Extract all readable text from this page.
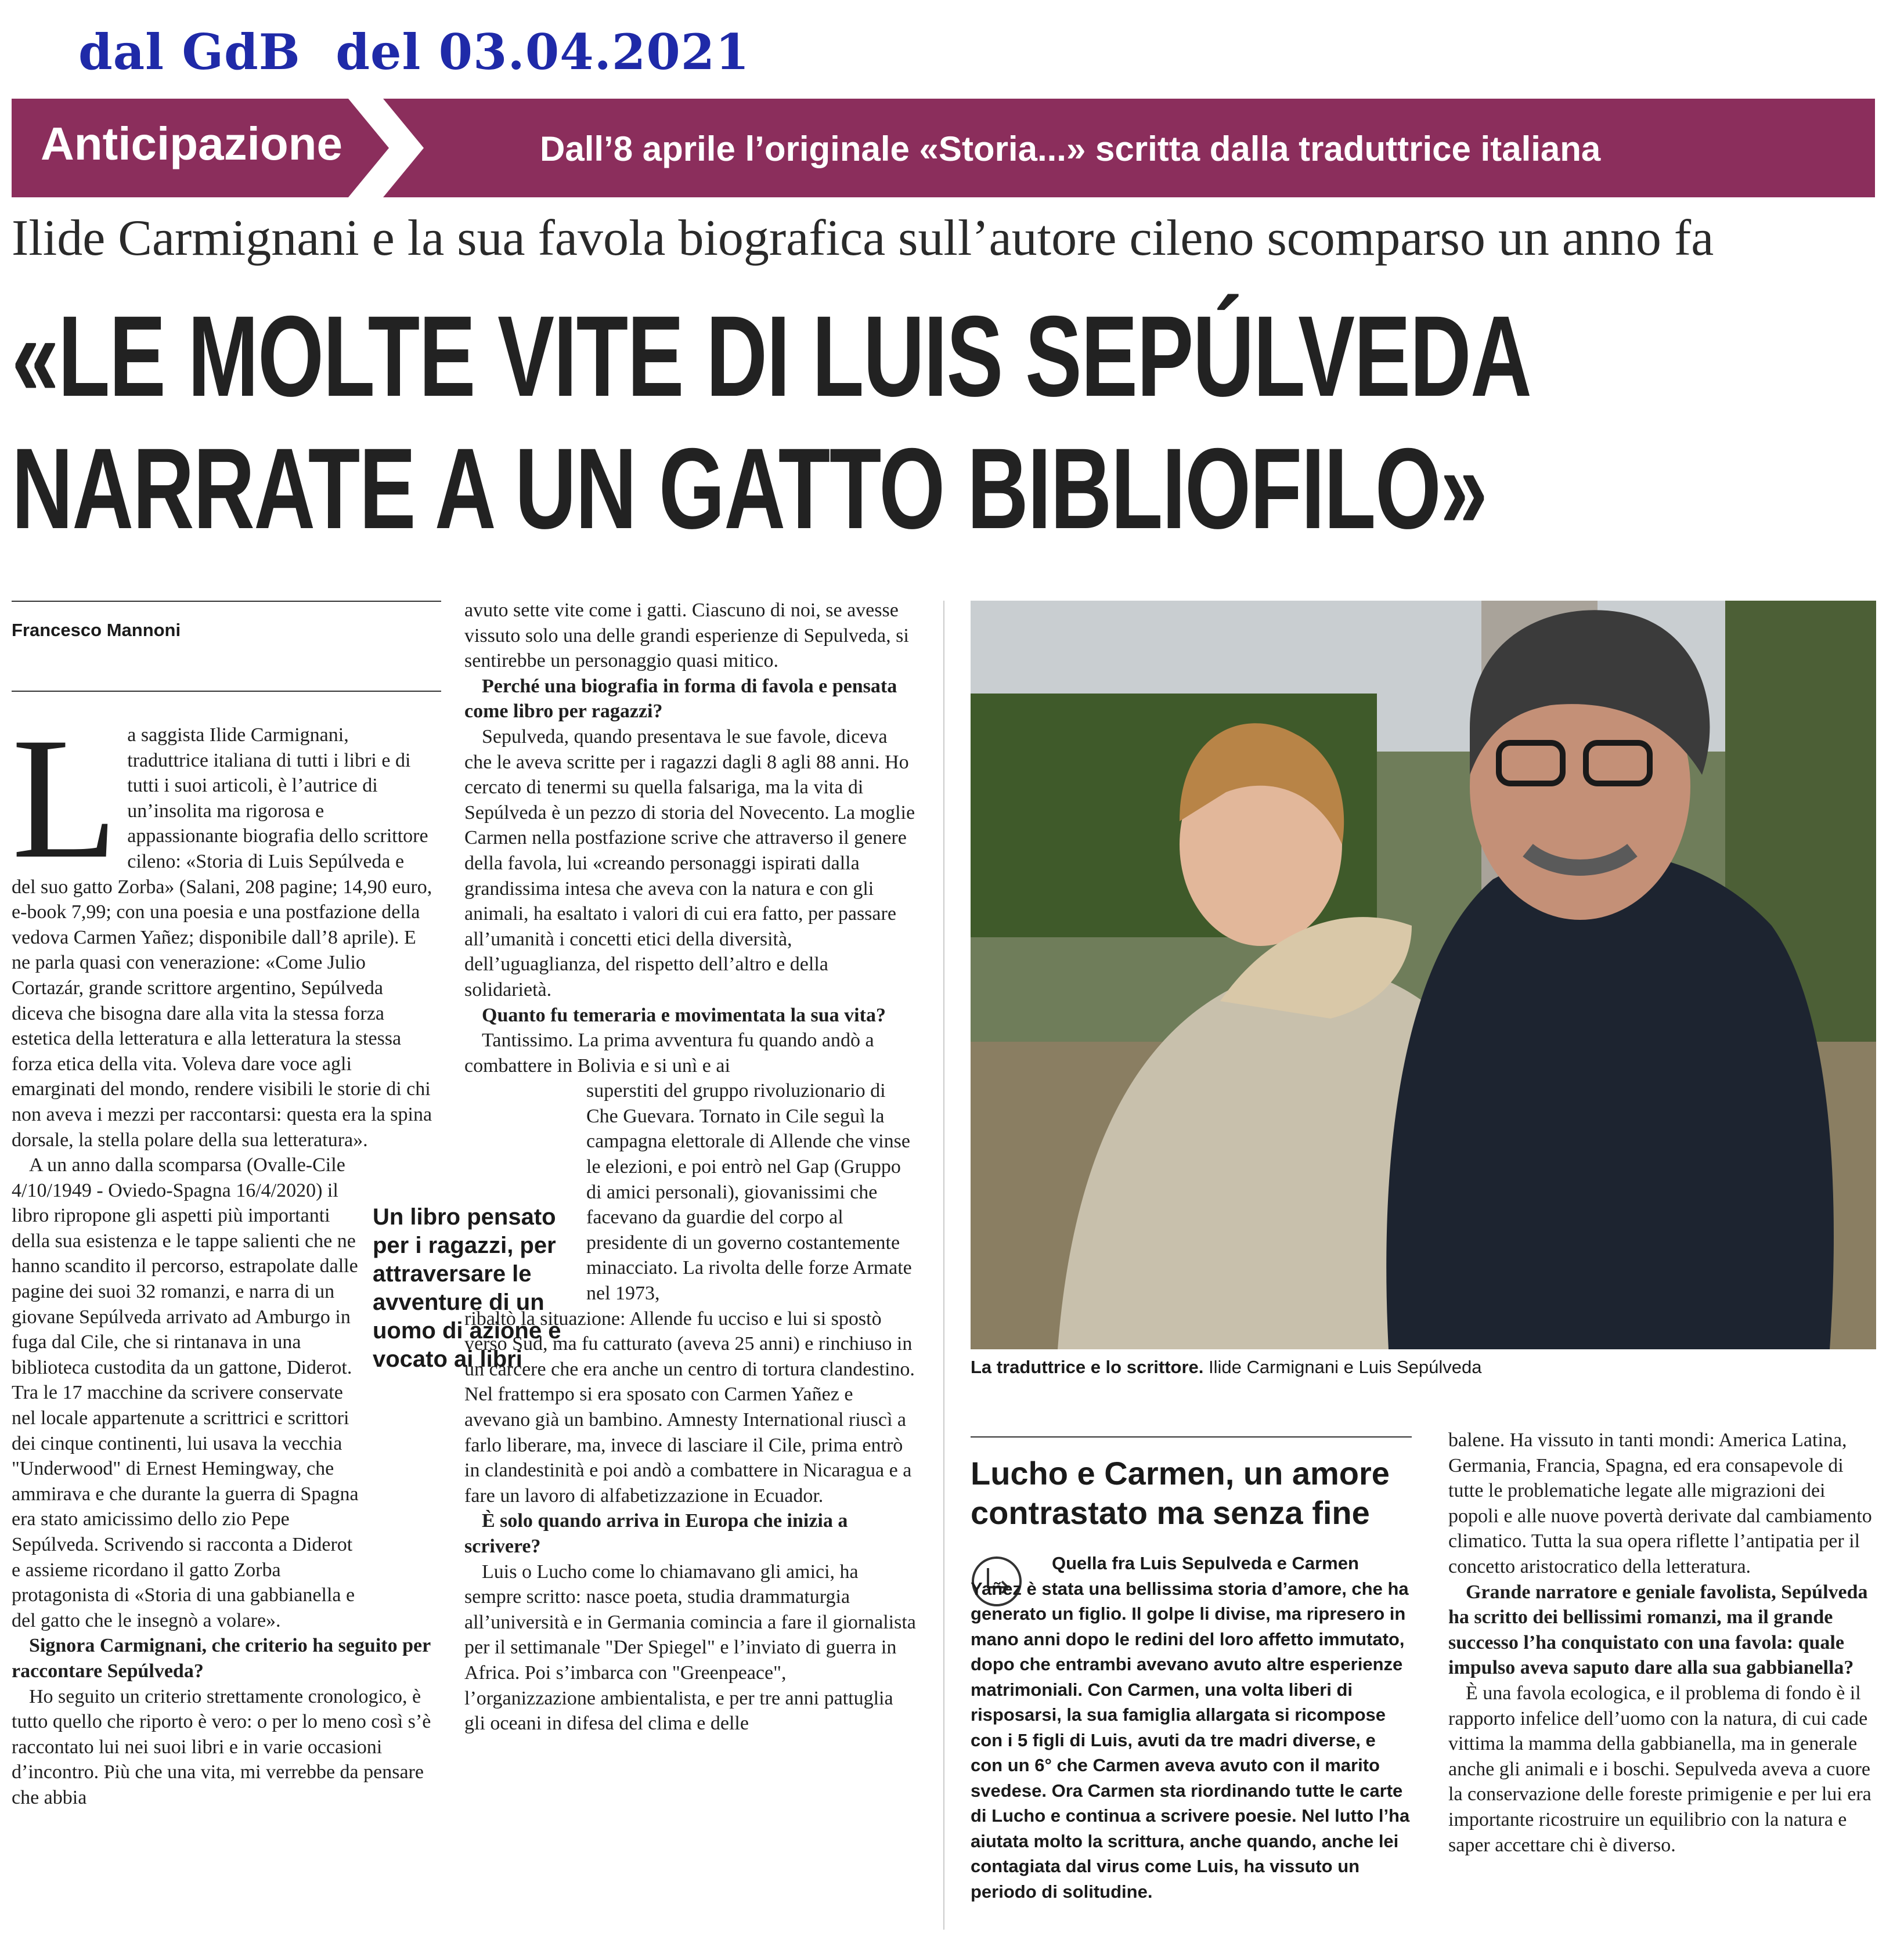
dal GdB  del 03.04.2021
Anticipazione	Dall’8 aprile l’originale «Storia...» scritta dalla traduttrice italiana
Ilide Carmignani e la sua favola biografica sull’autore cileno scomparso un anno fa
«LE MOLTE VITE DI LUIS SEPÚLVEDA
NARRATE A UN GATTO BIBLIOFILO»
Francesco Mannoni
L a saggista Ilide Carmignani, traduttrice italiana di tutti i libri e di tutti i suoi articoli, è l’autrice di un’insolita ma rigorosa e appassionante biografia dello scrittore cileno: «Storia di Luis Sepúlveda e del suo gatto Zorba» (Salani, 208 pagine; 14,90 euro, e-book 7,99; con una poesia e una postfazione della vedova Carmen Yañez; disponibile dall’8 aprile). E ne parla quasi con venerazione: «Come Julio Cortazár, grande scrittore argentino, Sepúlveda diceva che bisogna dare alla vita la stessa forza estetica della letteratura e alla letteratura la stessa forza etica della vita. Voleva dare voce agli emarginati del mondo, rendere visibili le storie di chi non aveva i mezzi per raccontarsi: questa era la spina dorsale, la stella polare della sua letteratura».

A un anno dalla scomparsa (Ovalle-Cile 4/10/1949 - Oviedo-Spagna 16/4/2020) il libro ripropone gli aspetti più importanti della sua esistenza e le tappe salienti che ne hanno scandito il percorso, estrapolate dalle pagine dei suoi 32 romanzi, e narra di un giovane Sepúlveda arrivato ad Amburgo in fuga dal Cile, che si rintanava in una biblioteca custodita da un gattone, Diderot. Tra le 17 macchine da scrivere conservate nel locale appartenute a scrittrici e scrittori dei cinque continenti, lui usava la vecchia "Underwood" di Ernest Hemingway, che ammirava e che durante la guerra di Spagna era stato amicissimo dello zio Pepe Sepúlveda. Scrivendo si racconta a Diderot e assieme ricordano il gatto Zorba protagonista di «Storia di una gabbianella e del gatto che le insegnò a volare».

Signora Carmignani, che criterio ha seguito per raccontare Sepúlveda?

Ho seguito un criterio strettamente cronologico, è tutto quello che riporto è vero: o per lo meno così s’è raccontato lui nei suoi libri e in varie occasioni d’incontro. Più che una vita, mi verrebbe da pensare che abbia

Un libro pensato per i ragazzi, per attraversare le avventure di un uomo di azione e vocato ai libri

avuto sette vite come i gatti. Ciascuno di noi, se avesse vissuto solo una delle grandi esperienze di Sepulveda, si sentirebbe un personaggio quasi mitico.

Perché una biografia in forma di favola e pensata come libro per ragazzi?

Sepulveda, quando presentava le sue favole, diceva che le aveva scritte per i ragazzi dagli 8 agli 88 anni. Ho cercato di tenermi su quella falsariga, ma la vita di Sepúlveda è un pezzo di storia del Novecento. La moglie Carmen nella postfazione scrive che attraverso il genere della favola, lui «creando personaggi ispirati dalla grandissima intesa che aveva con la natura e con gli animali, ha esaltato i valori di cui era fatto, per passare all’umanità i concetti etici della diversità, dell’uguaglianza, del rispetto dell’altro e della solidarietà.

Quanto fu temeraria e movimentata la sua vita?

Tantissimo. La prima avventura fu quando andò a combattere in Bolivia e si unì e ai

superstiti del gruppo rivoluzionario di Che Guevara. Tornato in Cile seguì la campagna elettorale di Allende che vinse le elezioni, e poi entrò nel Gap (Gruppo di amici personali), giovanissimi che facevano da guardie del corpo al presidente di un governo costantemente minacciato. La rivolta delle forze Armate nel 1973,

ribaltò la situazione: Allende fu ucciso e lui si spostò verso Sud, ma fu catturato (aveva 25 anni) e rinchiuso in un carcere che era anche un centro di tortura clandestino. Nel frattempo si era sposato con Carmen Yañez e avevano già un bambino. Amnesty International riuscì a farlo liberare, ma, invece di lasciare il Cile, prima entrò in clandestinità e poi andò a combattere in Nicaragua e a fare un lavoro di alfabetizzazione in Ecuador.

È solo quando arriva in Europa che inizia a scrivere?

Luis o Lucho come lo chiamavano gli amici, ha sempre scritto: nasce poeta, studia drammaturgia all’università e in Germania comincia a fare il giornalista per il settimanale "Der Spiegel" e l’inviato di guerra in Africa. Poi s’imbarca con "Greenpeace", l’organizzazione ambientalista, e per tre anni pattuglia gli oceani in difesa del clima e delle

La traduttrice e lo scrittore. Ilide Carmignani e Luis Sepúlveda
Lucho e Carmen, un amore contrastato ma senza fine
Quella fra Luis Sepulveda e Carmen Yañez è stata una bellissima storia d’amore, che ha generato un figlio. Il golpe li divise, ma ripresero in mano anni dopo le redini del loro affetto immutato, dopo che entrambi avevano avuto altre esperienze matrimoniali. Con Carmen, una volta liberi di risposarsi, la sua famiglia allargata si ricompose con i 5 figli di Luis, avuti da tre madri diverse, e con un 6° che Carmen aveva avuto con il marito svedese. Ora Carmen sta riordinando tutte le carte di Lucho e continua a scrivere poesie. Nel lutto l’ha aiutata molto la scrittura, anche quando, anche lei contagiata dal virus come Luis, ha vissuto un periodo di solitudine.

balene. Ha vissuto in tanti mondi: America Latina, Germania, Francia, Spagna, ed era consapevole di tutte le problematiche legate alle migrazioni dei popoli e alle nuove povertà derivate dal cambiamento climatico. Tutta la sua opera riflette l’antipatia per il concetto aristocratico della letteratura.

Grande narratore e geniale favolista, Sepúlveda ha scritto dei bellissimi romanzi, ma il grande successo l’ha conquistato con una favola: quale impulso aveva saputo dare alla sua gabbianella?

È una favola ecologica, e il problema di fondo è il rapporto infelice dell’uomo con la natura, di cui cade vittima la mamma della gabbianella, ma in generale anche gli animali e i boschi. Sepulveda aveva a cuore la conservazione delle foreste primigenie e per lui era importante ricostruire un equilibrio con la natura e saper accettare chi è diverso.
